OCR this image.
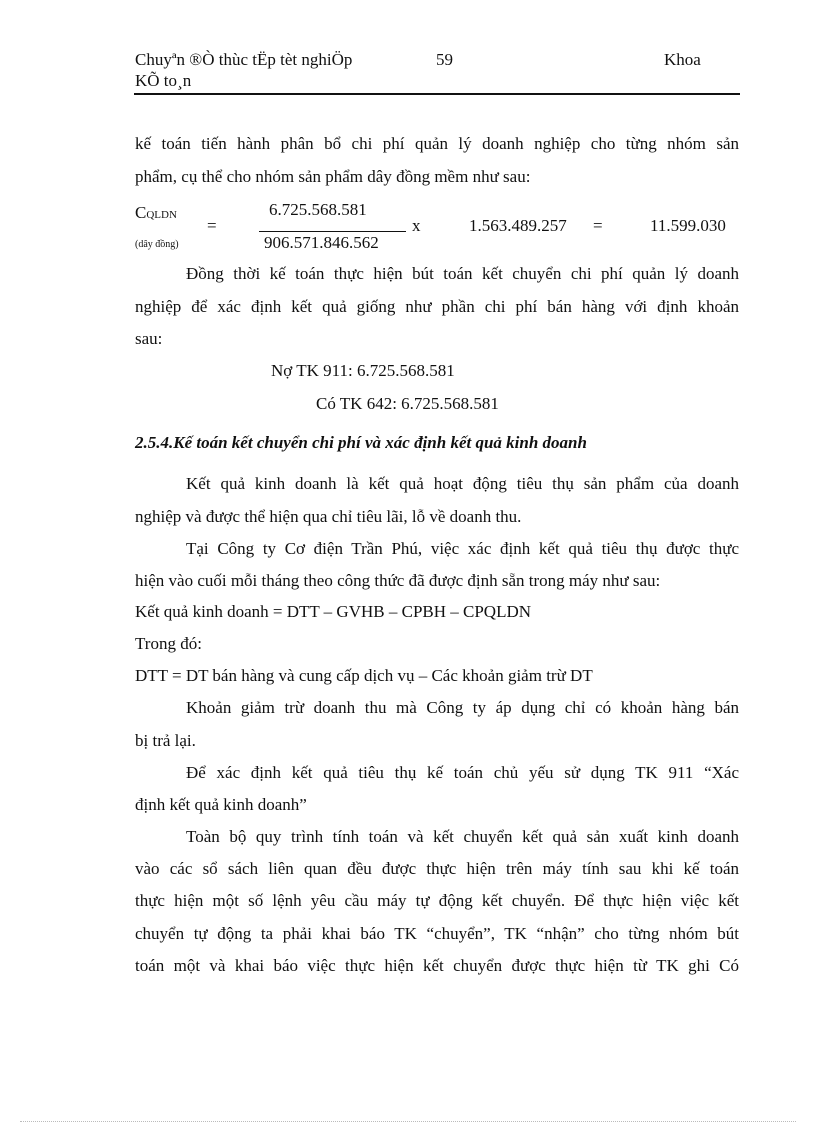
Chuyªn ®Ò thùc tËp tèt nghiÖp
KÕ to¸n
59	Khoa
kế toán tiến hành phân bổ chi phí quản lý doanh nghiệp cho từng nhóm sản
phẩm, cụ thể cho nhóm sản phẩm dây đồng mềm như sau:
CQLDN
(dây đồng)
=
6.725.568.581
906.571.846.562
x	1.563.489.257 =	11.599.030
Đồng thời kế toán thực hiện bút toán kết chuyển chi phí quản lý doanh
nghiệp để xác định kết quả giống như phần chi phí bán hàng với định khoản
sau:
Nợ TK 911: 6.725.568.581
Có TK 642: 6.725.568.581
2.5.4.Kế toán kết chuyển chi phí và xác định kết quả kinh doanh
Kết quả kinh doanh là kết quả hoạt động tiêu thụ sản phẩm của doanh
nghiệp và được thể hiện qua chỉ tiêu lãi, lỗ về doanh thu.
Tại Công ty Cơ điện Trần Phú, việc xác định kết quả tiêu thụ được thực
hiện vào cuối mỗi tháng theo công thức đã được định sẵn trong máy như sau:
Kết quả kinh doanh = DTT – GVHB – CPBH – CPQLDN
Trong đó:
DTT = DT bán hàng và cung cấp dịch vụ – Các khoản giảm trừ DT
Khoản giảm trừ doanh thu mà Công ty áp dụng chỉ có khoản hàng bán
bị trả lại.
Để xác định kết quả tiêu thụ kế toán chủ yếu sử dụng TK 911 “Xác
định kết quả kinh doanh”
Toàn bộ quy trình tính toán và kết chuyển kết quả sản xuất kinh doanh
vào các sổ sách liên quan đều được thực hiện trên máy tính sau khi kế toán
thực hiện một số lệnh yêu cầu máy tự động kết chuyển. Để thực hiện việc kết
chuyển tự động ta phải khai báo TK “chuyển”, TK “nhận” cho từng nhóm bút
toán một và khai báo việc thực hiện kết chuyển được thực hiện từ TK ghi Có
